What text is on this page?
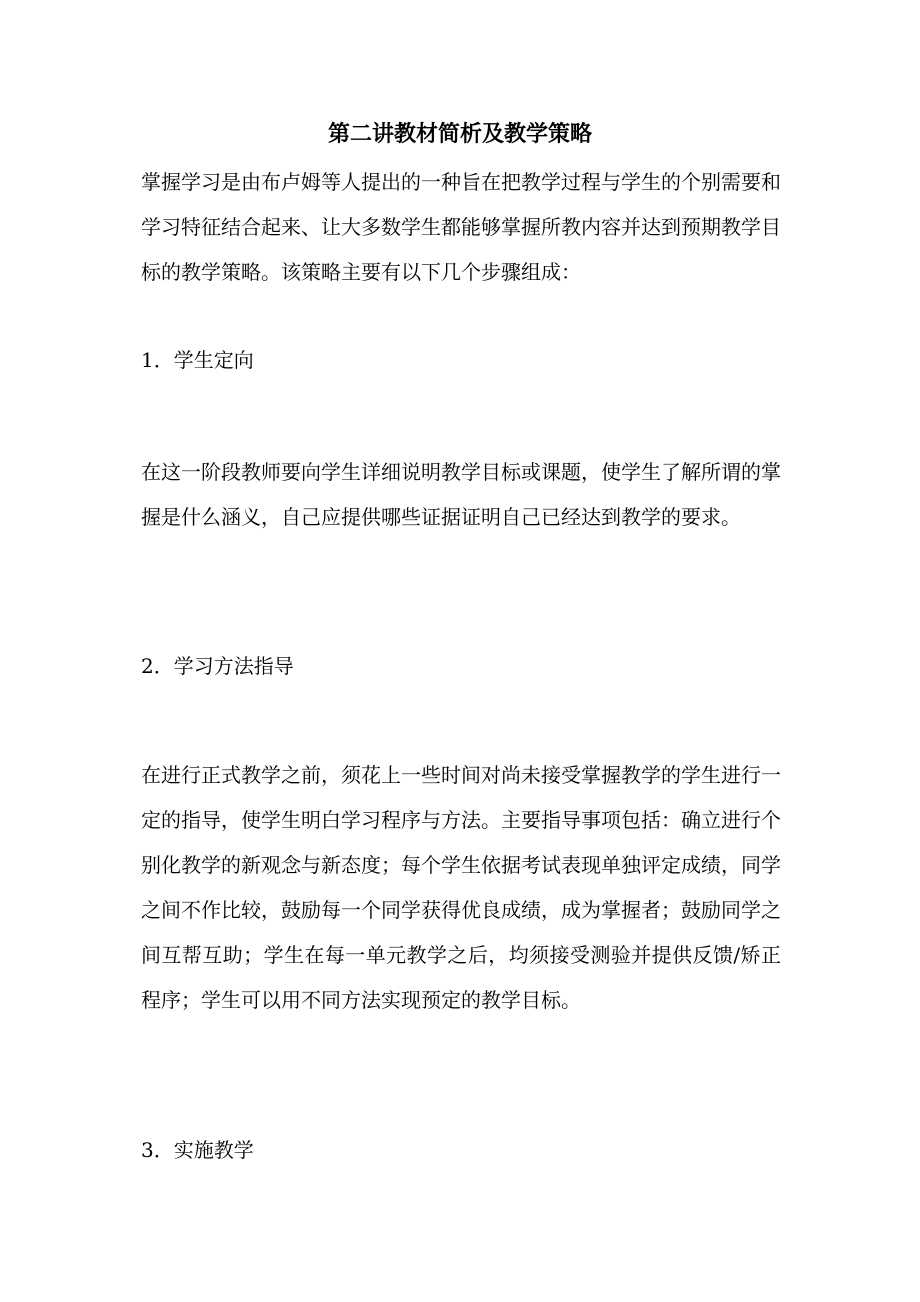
第二讲教材简析及教学策略

掌握学习是由布卢姆等人提出的一种旨在把教学过程与学生的个别需要和学习特征结合起来、让大多数学生都能够掌握所教内容并达到预期教学目标的教学策略。该策略主要有以下几个步骤组成：

1．学生定向

在这一阶段教师要向学生详细说明教学目标或课题，使学生了解所谓的掌握是什么涵义，自己应提供哪些证据证明自己已经达到教学的要求。

2．学习方法指导

在进行正式教学之前，须花上一些时间对尚未接受掌握教学的学生进行一定的指导，使学生明白学习程序与方法。主要指导事项包括：确立进行个别化教学的新观念与新态度；每个学生依据考试表现单独评定成绩，同学之间不作比较，鼓励每一个同学获得优良成绩，成为掌握者；鼓励同学之间互帮互助；学生在每一单元教学之后，均须接受测验并提供反馈/矫正程序；学生可以用不同方法实现预定的教学目标。

3．实施教学
